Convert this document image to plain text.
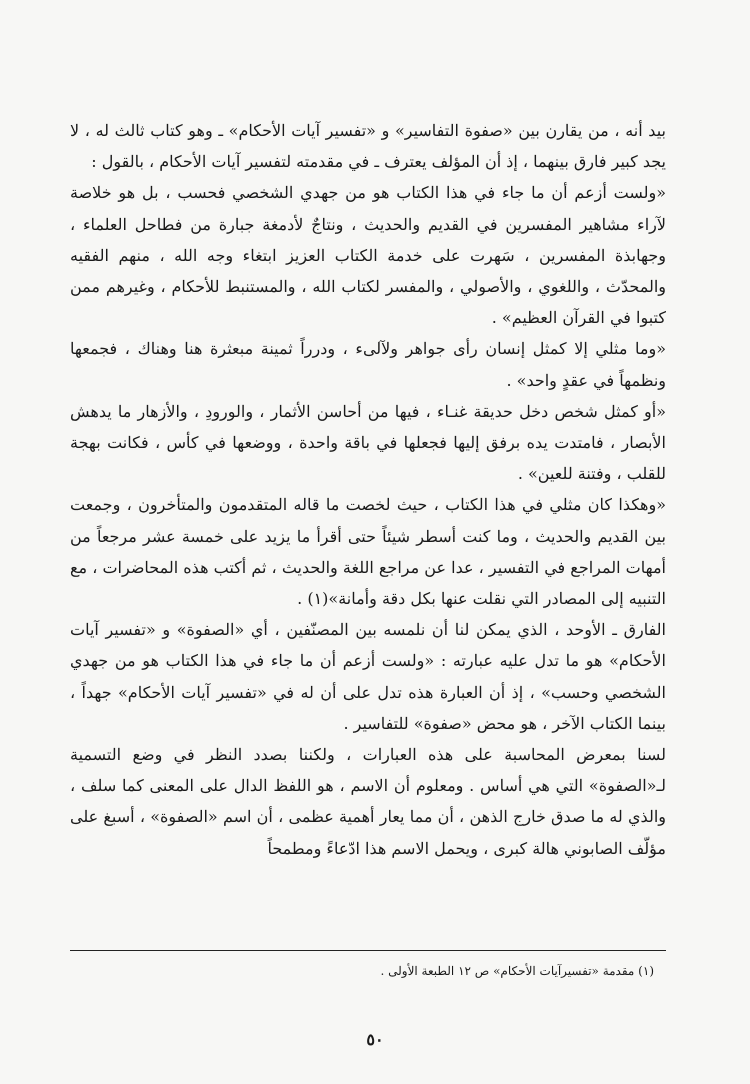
بيد أنه ، من يقارن بين «صفوة التفاسير» و «تفسير آيات الأحكام» ـ وهو كتاب ثالث له ، لا يجد كبير فارق بينهما ، إذ أن المؤلف يعترف ـ في مقدمته لتفسير آيات الأحكام ، بالقول :

«ولست أزعم أن ما جاء في هذا الكتاب هو من جهدي الشخصي فحسب ، بل هو خلاصة لآراء مشاهير المفسرين في القديم والحديث ، ونتاجٌ لأدمغة جبارة من فطاحل العلماء ، وجهابذة المفسرين ، سَهرت على خدمة الكتاب العزيز ابتغاء وجه الله ، منهم الفقيه والمحدّث ، واللغوي ، والأصولي ، والمفسر لكتاب الله ، والمستنبط للأحكام ، وغيرهم ممن كتبوا في القرآن العظيم» .

«وما مثلي إلا كمثل إنسان رأى جواهر ولآلىء ، ودرراً ثمينة مبعثرة هنا وهناك ، فجمعها ونظمهاً في عقدٍ واحد» .

«أو كمثل شخص دخل حديقة غنـاء ، فيها من أحاسن الأثمار ، والورودِ ، والأزهار ما يدهش الأبصار ، فامتدت يده برفق إليها فجعلها في باقة واحدة ، ووضعها في كأس ، فكانت بهجة للقلب ، وفتنة للعين» .

«وهكذا كان مثلي في هذا الكتاب ، حيث لخصت ما قاله المتقدمون والمتأخرون ، وجمعت بين القديم والحديث ، وما كنت أسطر شيئاً حتى أقرأ ما يزيد على خمسة عشر مرجعاً من أمهات المراجع في التفسير ، عدا عن مراجع اللغة والحديث ، ثم أكتب هذه المحاضرات ، مع التنبيه إلى المصادر التي نقلت عنها بكل دقة وأمانة»(١) .

الفارق ـ الأوحد ، الذي يمكن لنا أن نلمسه بين المصنّفين ، أي «الصفوة» و «تفسير آيات الأحكام» هو ما تدل عليه عبارته : «ولست أزعم أن ما جاء في هذا الكتاب هو من جهدي الشخصي وحسب» ، إذ أن العبارة هذه تدل على أن له في «تفسير آيات الأحكام» جهداً ، بينما الكتاب الآخر ، هو محض «صفوة» للتفاسير .

لسنا بمعرض المحاسبة على هذه العبارات ، ولكننا بصدد النظر في وضع التسمية لـ«الصفوة» التي هي أساس . ومعلوم أن الاسم ، هو اللفظ الدال على المعنى كما سلف ، والذي له ما صدق خارج الذهن ، أن مما يعار أهمية عظمى ، أن اسم «الصفوة» ، أسبغ على مؤلّف الصابوني هالة كبرى ، ويحمل الاسم هذا ادّعاءً ومطمحاً

(١) مقدمة «تفسيرآيات الأحكام» ص ١٢ الطبعة الأولى .
٥٠
